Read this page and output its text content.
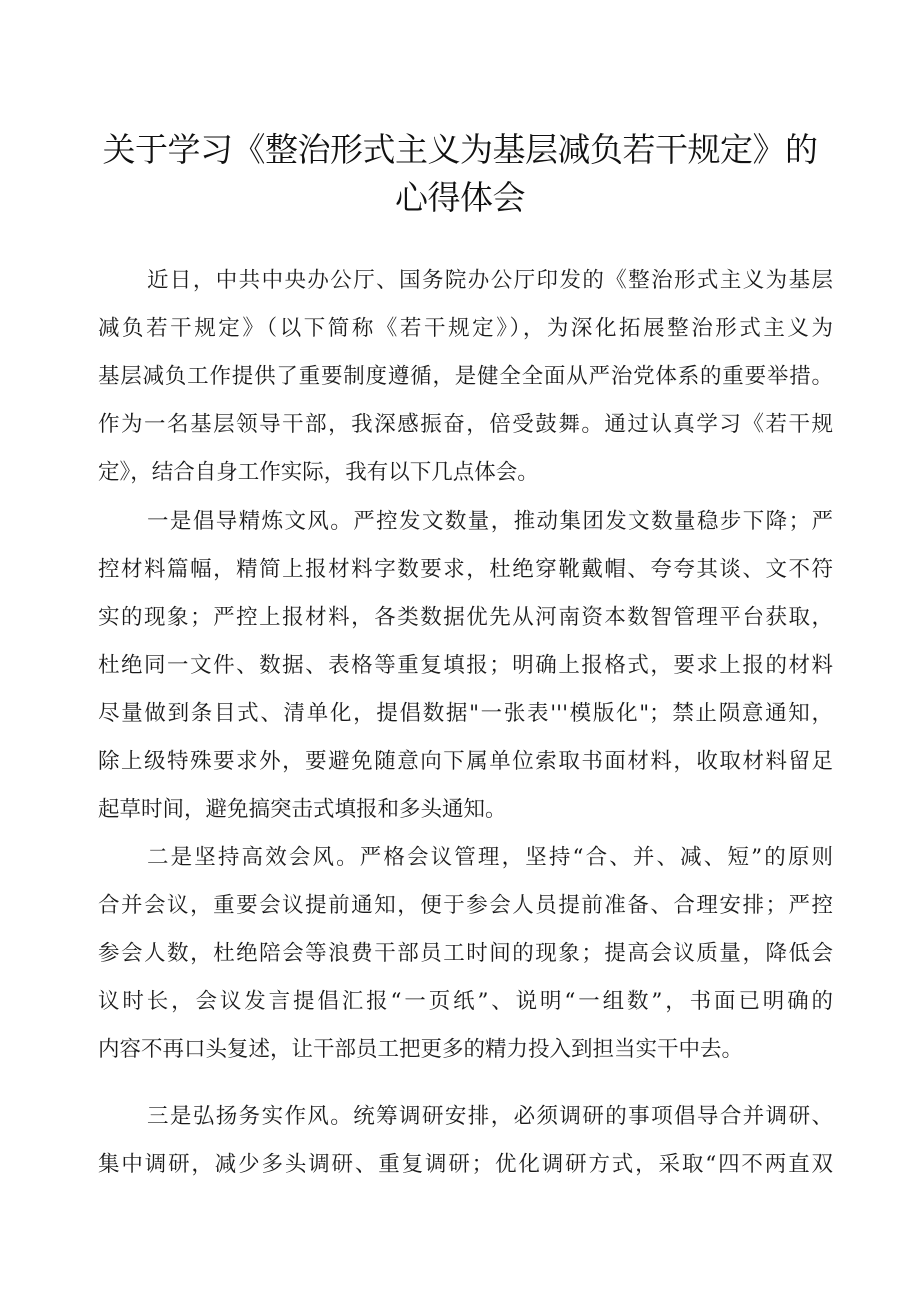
关于学习《整治形式主义为基层减负若干规定》的
心得体会
近日，中共中央办公厅、国务院办公厅印发的《整治形式主义为基层
减负若干规定》（以下简称《若干规定》），为深化拓展整治形式主义为
基层减负工作提供了重要制度遵循，是健全全面从严治党体系的重要举措。
作为一名基层领导干部，我深感振奋，倍受鼓舞。通过认真学习《若干规
定》，结合自身工作实际，我有以下几点体会。
一是倡导精炼文风。严控发文数量，推动集团发文数量稳步下降；严
控材料篇幅，精简上报材料字数要求，杜绝穿靴戴帽、夸夸其谈、文不符
实的现象；严控上报材料，各类数据优先从河南资本数智管理平台获取，
杜绝同一文件、数据、表格等重复填报；明确上报格式，要求上报的材料
尽量做到条目式、清单化，提倡数据"一张表'''模版化"；禁止陨意通知，
除上级特殊要求外，要避免随意向下属单位索取书面材料，收取材料留足
起草时间，避免搞突击式填报和多头通知。
二是坚持高效会风。严格会议管理，坚持“合、并、减、短”的原则
合并会议，重要会议提前通知，便于参会人员提前准备、合理安排；严控
参会人数，杜绝陪会等浪费干部员工时间的现象；提高会议质量，降低会
议时长，会议发言提倡汇报“一页纸”、说明“一组数”，书面已明确的
内容不再口头复述，让干部员工把更多的精力投入到担当实干中去。
三是弘扬务实作风。统筹调研安排，必须调研的事项倡导合并调研、
集中调研，减少多头调研、重复调研；优化调研方式，采取“四不两直双
